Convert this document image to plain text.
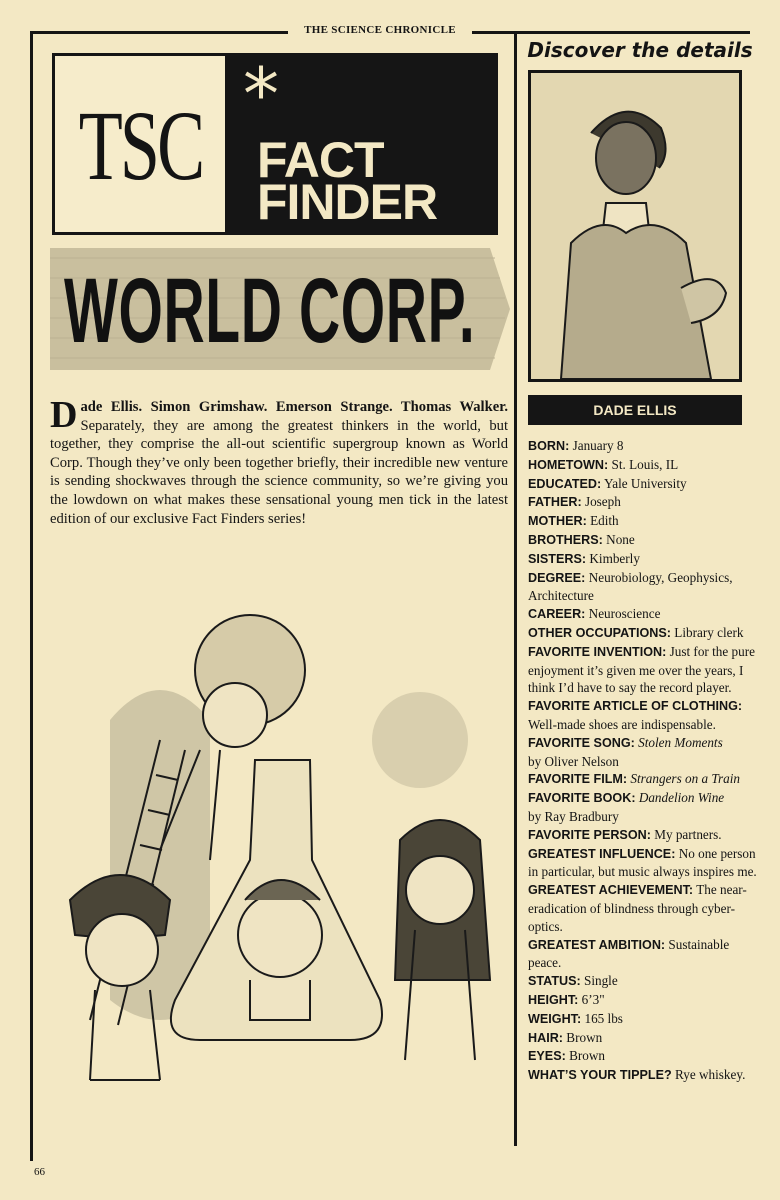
THE SCIENCE CHRONICLE
TSC *
FACT
FINDER
WORLD CORP.
Dade Ellis. Simon Grimshaw. Emerson Strange. Thomas Walker. Separately, they are among the greatest thinkers in the world, but together, they comprise the all-out scientific supergroup known as World Corp. Though they’ve only been together briefly, their incredible new venture is sending shockwaves through the science community, so we’re giving you the lowdown on what makes these sensational young men tick in the latest edition of our exclusive Fact Finders series!
Discover the details
DADE ELLIS

BORN: January 8

HOMETOWN: St. Louis, IL

EDUCATED: Yale University

FATHER: Joseph

MOTHER: Edith

BROTHERS: None

SISTERS: Kimberly

DEGREE: Neurobiology, Geophysics, Architecture

CAREER: Neuroscience

OTHER OCCUPATIONS: Library clerk

FAVORITE INVENTION: Just for the pure enjoyment it’s given me over the years, I think I’d have to say the record player.

FAVORITE ARTICLE OF CLOTHING: Well-made shoes are indispensable.

FAVORITE SONG: Stolen Moments
by Oliver Nelson

FAVORITE FILM: Strangers on a Train

FAVORITE BOOK: Dandelion Wine
by Ray Bradbury

FAVORITE PERSON: My partners.

GREATEST INFLUENCE: No one person in particular, but music always inspires me.

GREATEST ACHIEVEMENT: The near-eradication of blindness through cyber-optics.

GREATEST AMBITION: Sustainable peace.

STATUS: Single

HEIGHT: 6’3"

WEIGHT: 165 lbs

HAIR: Brown

EYES: Brown

WHAT’S YOUR TIPPLE? Rye whiskey.

66
